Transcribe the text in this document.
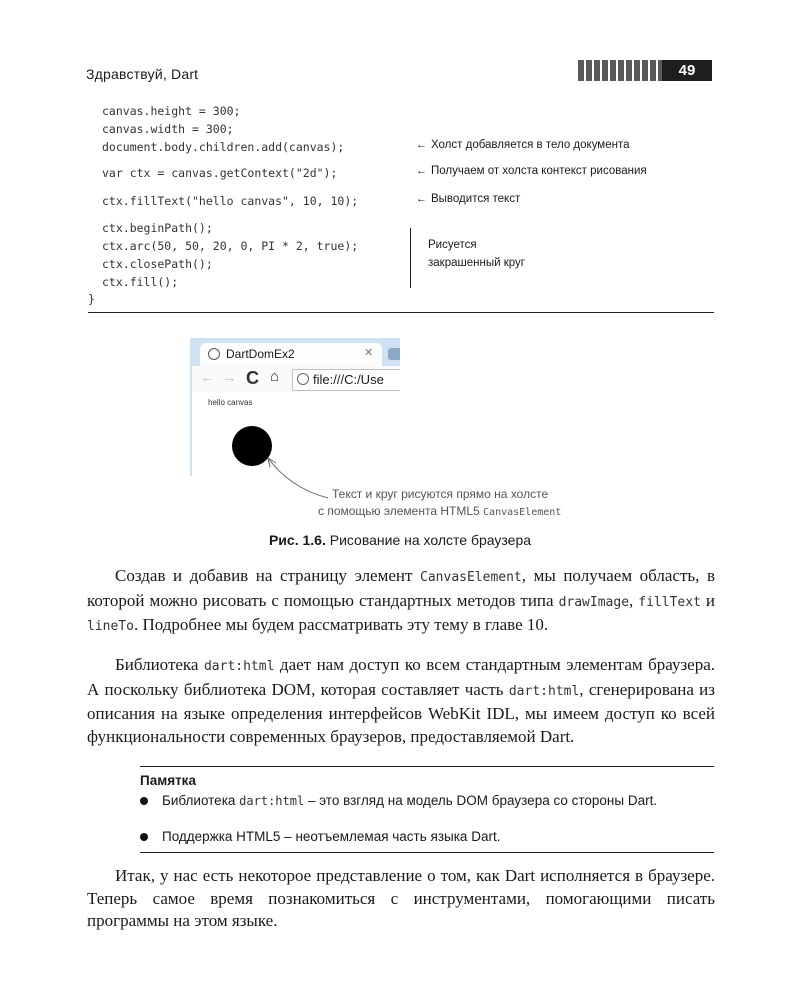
Здравствуй, Dart	49
canvas.height = 300;
canvas.width = 300;
document.body.children.add(canvas);
var ctx = canvas.getContext("2d");
ctx.fillText("hello canvas", 10, 10);
ctx.beginPath();
ctx.arc(50, 50, 20, 0, PI * 2, true);
ctx.closePath();
ctx.fill();
}
← Холст добавляется в тело документа
← Получаем от холста контекст рисования
← Выводится текст
Рисуется
закрашенный круг
DartDomEx2	✕
← → C ⌂	file:///C:/Use
hello canvas
Текст и круг рисуются прямо на холсте
с помощью элемента HTML5 CanvasElement
Рис. 1.6. Рисование на холсте браузера

Создав и добавив на страницу элемент CanvasElement, мы получаем область, в которой можно рисовать с помощью стандартных методов типа drawImage, fillText и lineTo. Подробнее мы будем рассматривать эту тему в главе 10.

Библиотека dart:html дает нам доступ ко всем стандартным элементам браузера. А поскольку библиотека DOM, которая составляет часть dart:html, сгенерирована из описания на языке определения интерфейсов WebKit IDL, мы имеем доступ ко всей функциональности современных браузеров, предоставляемой Dart.

Памятка
Библиотека dart:html – это взгляд на модель DOM браузера со стороны Dart.
Поддержка HTML5 – неотъемлемая часть языка Dart.

Итак, у нас есть некоторое представление о том, как Dart исполняется в браузере. Теперь самое время познакомиться с инструментами, помогающими писать программы на этом языке.
